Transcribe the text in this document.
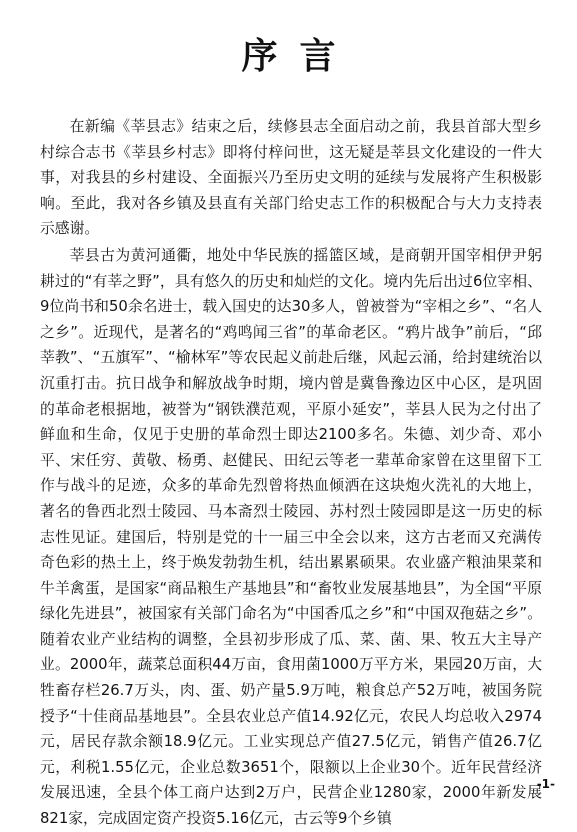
序言

在新编《莘县志》结束之后，续修县志全面启动之前，我县首部大型乡村综合志书《莘县乡村志》即将付梓问世，这无疑是莘县文化建设的一件大事，对我县的乡村建设、全面振兴乃至历史文明的延续与发展将产生积极影响。至此，我对各乡镇及县直有关部门给史志工作的积极配合与大力支持表示感谢。

莘县古为黄河通衢，地处中华民族的摇篮区域，是商朝开国宰相伊尹躬耕过的“有莘之野”，具有悠久的历史和灿烂的文化。境内先后出过6位宰相、9位尚书和50余名进士，载入国史的达30多人，曾被誉为“宰相之乡”、“名人之乡”。近现代，是著名的“鸡鸣闻三省”的革命老区。“鸦片战争”前后，“邱莘教”、“五旗军”、“榆林军”等农民起义前赴后继，风起云涌，给封建统治以沉重打击。抗日战争和解放战争时期，境内曾是冀鲁豫边区中心区，是巩固的革命老根据地，被誉为“钢铁濮范观，平原小延安”，莘县人民为之付出了鲜血和生命，仅见于史册的革命烈士即达2100多名。朱德、刘少奇、邓小平、宋任穷、黄敬、杨勇、赵健民、田纪云等老一辈革命家曾在这里留下工作与战斗的足迹，众多的革命先烈曾将热血倾洒在这块炮火洗礼的大地上，著名的鲁西北烈士陵园、马本斋烈士陵园、苏村烈士陵园即是这一历史的标志性见证。建国后，特别是党的十一届三中全会以来，这方古老而又充满传奇色彩的热土上，终于焕发勃勃生机，结出累累硕果。农业盛产粮油果菜和牛羊禽蛋，是国家“商品粮生产基地县”和“畜牧业发展基地县”，为全国“平原绿化先进县”，被国家有关部门命名为“中国香瓜之乡”和“中国双孢菇之乡”。随着农业产业结构的调整，全县初步形成了瓜、菜、菌、果、牧五大主导产业。2000年，蔬菜总面积44万亩，食用菌1000万平方米，果园20万亩，大牲畜存栏26.7万头，肉、蛋、奶产量5.9万吨，粮食总产52万吨，被国务院授予“十佳商品基地县”。全县农业总产值14.92亿元，农民人均总收入2974元，居民存款余额18.9亿元。工业实现总产值27.5亿元，销售产值26.7亿元，利税1.55亿元，企业总数3651个，限额以上企业30个。近年民营经济发展迅速，全县个体工商户达到2万户，民营企业1280家，2000年新发展821家，完成固定资产投资5.16亿元，古云等9个乡镇

-1-
